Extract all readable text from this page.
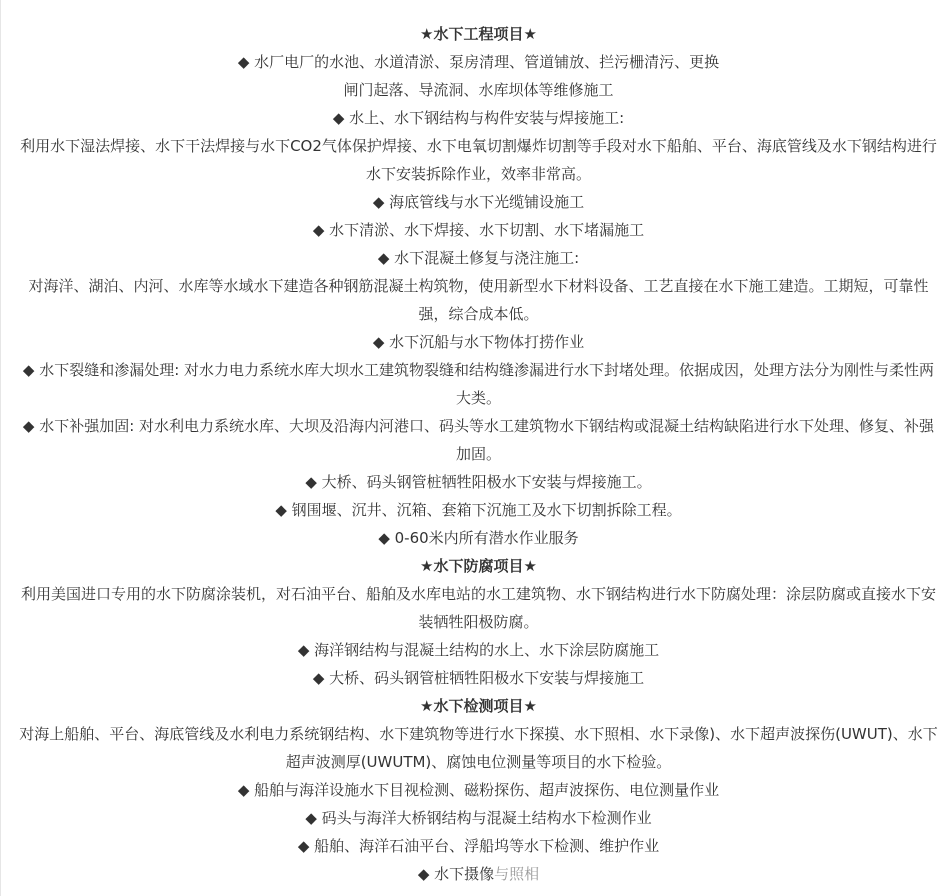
★水下工程项目★

◆ 水厂电厂的水池、水道清淤、泵房清理、管道铺放、拦污栅清污、更换

闸门起落、导流洞、水库坝体等维修施工

◆ 水上、水下钢结构与构件安装与焊接施工:

利用水下湿法焊接、水下干法焊接与水下CO2气体保护焊接、水下电氧切割爆炸切割等手段对水下船舶、平台、海底管线及水下钢结构进行水下安装拆除作业，效率非常高。

◆ 海底管线与水下光缆铺设施工

◆ 水下清淤、水下焊接、水下切割、水下堵漏施工

◆ 水下混凝土修复与浇注施工:

对海洋、湖泊、内河、水库等水域水下建造各种钢筋混凝土构筑物，使用新型水下材料设备、工艺直接在水下施工建造。工期短，可靠性强，综合成本低。

◆ 水下沉船与水下物体打捞作业

◆ 水下裂缝和渗漏处理: 对水力电力系统水库大坝水工建筑物裂缝和结构缝渗漏进行水下封堵处理。依据成因，处理方法分为刚性与柔性两大类。

◆ 水下补强加固: 对水利电力系统水库、大坝及沿海内河港口、码头等水工建筑物水下钢结构或混凝土结构缺陷进行水下处理、修复、补强加固。

◆ 大桥、码头钢管桩牺牲阳极水下安装与焊接施工。

◆ 钢围堰、沉井、沉箱、套箱下沉施工及水下切割拆除工程。

◆ 0-60米内所有潜水作业服务

★水下防腐项目★

利用美国进口专用的水下防腐涂装机，对石油平台、船舶及水库电站的水工建筑物、水下钢结构进行水下防腐处理：涂层防腐或直接水下安装牺牲阳极防腐。

◆ 海洋钢结构与混凝土结构的水上、水下涂层防腐施工

◆ 大桥、码头钢管桩牺牲阳极水下安装与焊接施工

★水下检测项目★

对海上船舶、平台、海底管线及水利电力系统钢结构、水下建筑物等进行水下探摸、水下照相、水下录像)、水下超声波探伤(UWUT)、水下超声波测厚(UWUTM)、腐蚀电位测量等项目的水下检验。

◆ 船舶与海洋设施水下目视检测、磁粉探伤、超声波探伤、电位测量作业

◆ 码头与海洋大桥钢结构与混凝土结构水下检测作业

◆ 船舶、海洋石油平台、浮船坞等水下检测、维护作业

◆ 水下摄像与照相
